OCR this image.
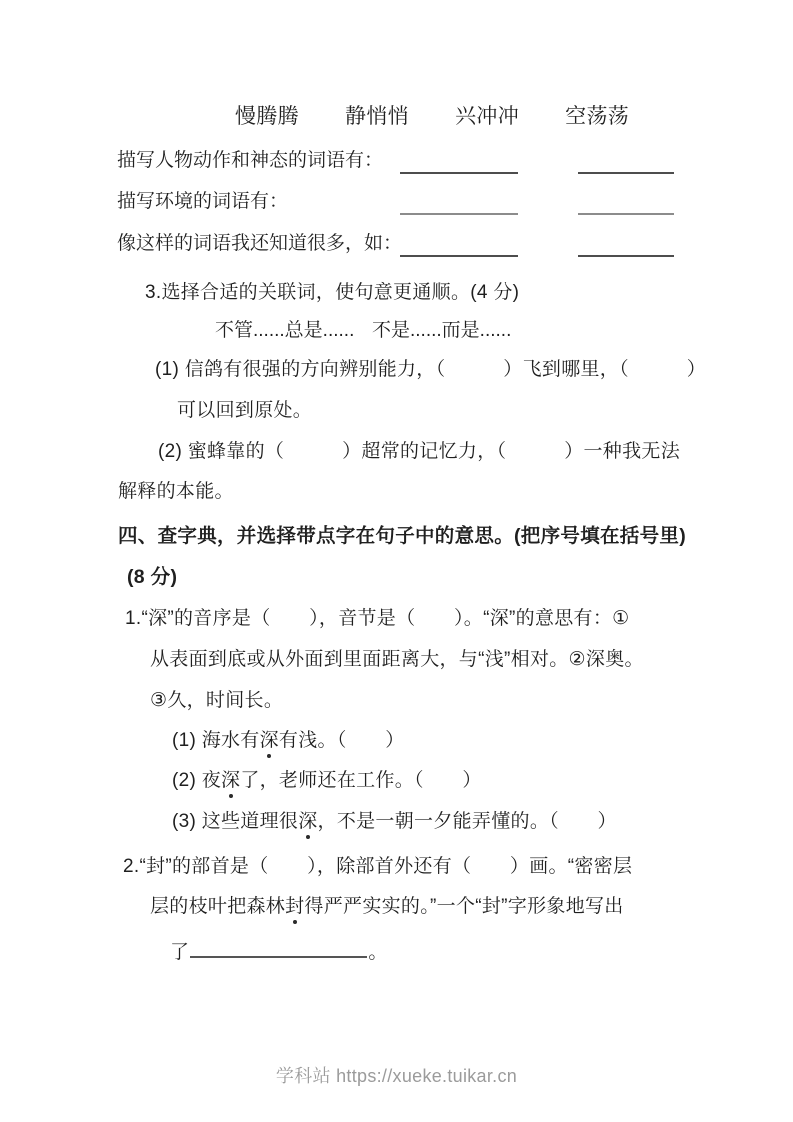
慢腾腾 静悄悄 兴冲冲 空荡荡
描写人物动作和神态的词语有：
描写环境的词语有：
像这样的词语我还知道很多，如：
3.选择合适的关联词，使句意更通顺。(4 分)
不管......总是...... 不是......而是......
(1) 信鸽有很强的方向辨别能力，（　　　）飞到哪里，（　　　）
可以回到原处。
(2) 蜜蜂靠的（　　　）超常的记忆力，（　　　）一种我无法
解释的本能。
四、查字典，并选择带点字在句子中的意思。(把序号填在括号里)
(8 分)
1.“深”的音序是（　　），音节是（　　）。“深”的意思有：①
从表面到底或从外面到里面距离大，与“浅”相对。②深奥。
③久，时间长。
(1) 海水有深有浅。（　　）
(2) 夜深了，老师还在工作。（　　）
(3) 这些道理很深，不是一朝一夕能弄懂的。（　　）
2.“封”的部首是（　　），除部首外还有（　　）画。“密密层
层的枝叶把森林封得严严实实的。”一个“封”字形象地写出
了	。
学科站 https://xueke.tuikar.cn
